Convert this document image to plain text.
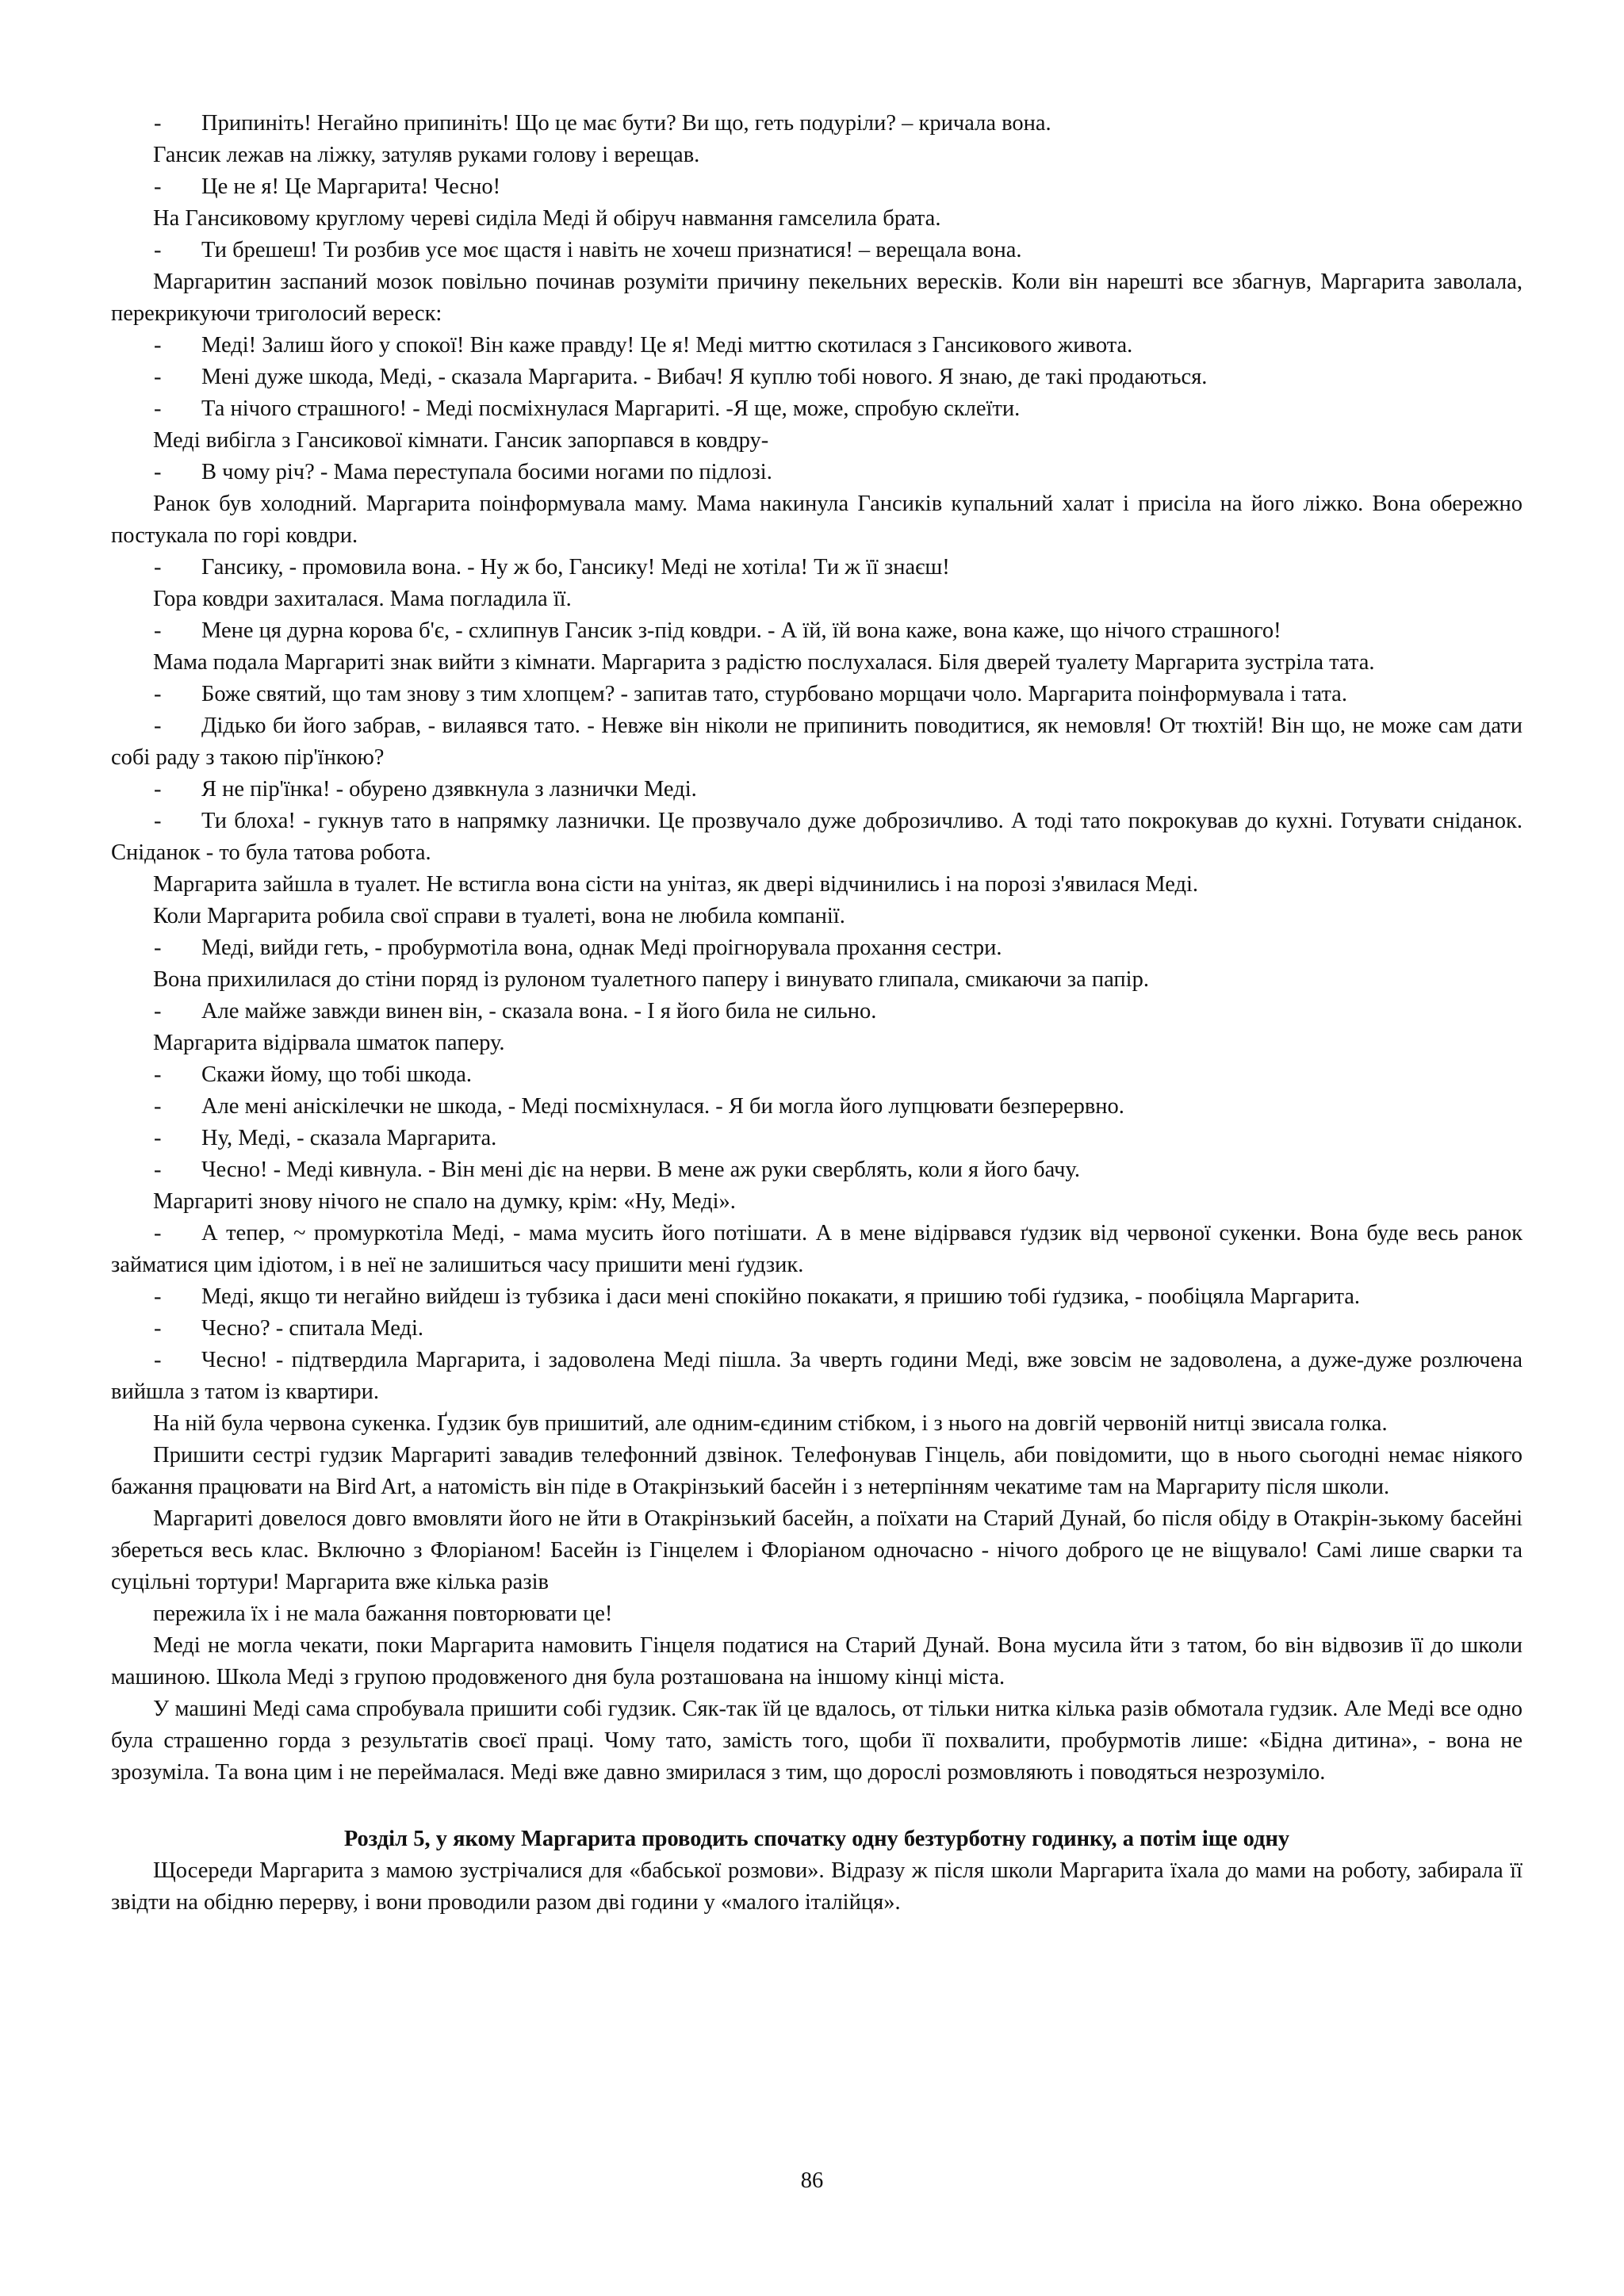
- Припиніть! Негайно припиніть! Що це має бути? Ви що, геть подуріли? – кричала вона.

Гансик лежав на ліжку, затуляв руками голову і верещав.

- Це не я! Це Маргарита! Чесно!

На Гансиковому круглому череві сиділа Меді й обіруч навмання гамселила брата.

- Ти брешеш! Ти розбив усе моє щастя і навіть не хочеш признатися! – верещала вона.

Маргаритин заспаний мозок повільно починав розуміти причину пекельних вересків. Коли він нарешті все збагнув, Маргарита заволала, перекрикуючи триголосий вереск:

- Меді! Залиш його у спокої! Він каже правду! Це я! Меді миттю скотилася з Гансикового живота.

- Мені дуже шкода, Меді, - сказала Маргарита. - Вибач! Я куплю тобі нового. Я знаю, де такі продаються.

- Та нічого страшного! - Меді посміхнулася Маргариті. -Я ще, може, спробую склеїти.

Меді вибігла з Гансикової кімнати. Гансик запорпався в ковдру-

- В чому річ? - Мама переступала босими ногами по підлозі.

Ранок був холодний. Маргарита поінформувала маму. Мама накинула Гансиків купальний халат і присіла на його ліжко. Вона обережно постукала по горі ковдри.

- Гансику, - промовила вона. - Ну ж бо, Гансику! Меді не хотіла! Ти ж її знаєш!

Гора ковдри захиталася. Мама погладила її.

- Мене ця дурна корова б'є, - схлипнув Гансик з-під ковдри. - А їй, їй вона каже, вона каже, що нічого страшного!

Мама подала Маргариті знак вийти з кімнати. Маргарита з радістю послухалася. Біля дверей туалету Маргарита зустріла тата.

- Боже святий, що там знову з тим хлопцем? - запитав тато, стурбовано морщачи чоло. Маргарита поінформувала і тата.

- Дідько би його забрав, - вилаявся тато. - Невже він ніколи не припинить поводитися, як немовля! От тюхтій! Він що, не може сам дати собі раду з такою пір'їнкою?

- Я не пір'їнка! - обурено дзявкнула з лазнички Меді.

- Ти блоха! - гукнув тато в напрямку лазнички. Це прозвучало дуже доброзичливо. А тоді тато покрокував до кухні. Готувати сніданок. Сніданок - то була татова робота.

Маргарита зайшла в туалет. Не встигла вона сісти на унітаз, як двері відчинились і на порозі з'явилася Меді.

Коли Маргарита робила свої справи в туалеті, вона не любила компанії.

- Меді, вийди геть, - пробурмотіла вона, однак Меді проігнорувала прохання сестри.

Вона прихилилася до стіни поряд із рулоном туалетного паперу і винувато глипала, смикаючи за папір.

- Але майже завжди винен він, - сказала вона. - І я його била не сильно.

Маргарита відірвала шматок паперу.

- Скажи йому, що тобі шкода.

- Але мені аніскілечки не шкода, - Меді посміхнулася. - Я би могла його лупцювати безперервно.

- Ну, Меді, - сказала Маргарита.

- Чесно! - Меді кивнула. - Він мені діє на нерви. В мене аж руки сверблять, коли я його бачу.

Маргариті знову нічого не спало на думку, крім: «Ну, Меді».

- А тепер, ~ промуркотіла Меді, - мама мусить його потішати. А в мене відірвався ґудзик від червоної сукенки. Вона буде весь ранок займатися цим ідіотом, і в неї не залишиться часу пришити мені ґудзик.

- Меді, якщо ти негайно вийдеш із тубзика і даси мені спокійно покакати, я пришию тобі ґудзика, - пообіцяла Маргарита.

- Чесно? - спитала Меді.

- Чесно! - підтвердила Маргарита, і задоволена Меді пішла. За чверть години Меді, вже зовсім не задоволена, а дуже-дуже розлючена вийшла з татом із квартири.

На ній була червона сукенка. Ґудзик був пришитий, але одним-єдиним стібком, і з нього на довгій червоній нитці звисала голка.

Пришити сестрі гудзик Маргариті завадив телефонний дзвінок. Телефонував Гінцель, аби повідомити, що в нього сьогодні немає ніякого бажання працювати на Bird Art, а натомість він піде в Отакрінзький басейн і з нетерпінням чекатиме там на Маргариту після школи.

Маргариті довелося довго вмовляти його не йти в Отакрінзький басейн, а поїхати на Старий Дунай, бо після обіду в Отакрін-зькому басейні збереться весь клас. Включно з Флоріаном! Басейн із Гінцелем і Флоріаном одночасно - нічого доброго це не віщувало! Самі лише сварки та суцільні тортури! Маргарита вже кілька разів

пережила їх і не мала бажання повторювати це!

Меді не могла чекати, поки Маргарита намовить Гінцеля податися на Старий Дунай. Вона мусила йти з татом, бо він відвозив її до школи машиною. Школа Меді з групою продовженого дня була розташована на іншому кінці міста.

У машині Меді сама спробувала пришити собі гудзик. Сяк-так їй це вдалось, от тільки нитка кілька разів обмотала гудзик. Але Меді все одно була страшенно горда з результатів своєї праці. Чому тато, замість того, щоби її похвалити, пробурмотів лише: «Бідна дитина», - вона не зрозуміла. Та вона цим і не переймалася. Меді вже давно змирилася з тим, що дорослі розмовляють і поводяться незрозуміло.

Розділ 5, у якому Маргарита проводить спочатку одну безтурботну годинку, а потім іще одну

Щосереди Маргарита з мамою зустрічалися для «бабської розмови». Відразу ж після школи Маргарита їхала до мами на роботу, забирала її звідти на обідню перерву, і вони проводили разом дві години у «малого італійця».

86
